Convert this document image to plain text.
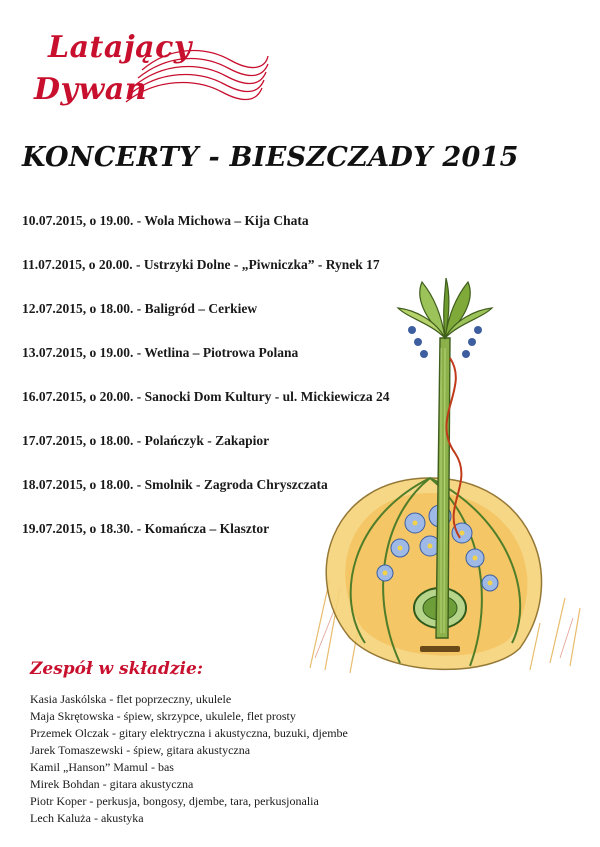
Latający
Dywan
KONCERTY - BIESZCZADY 2015
10.07.2015, o 19.00. - Wola Michowa – Kija Chata
11.07.2015, o 20.00. - Ustrzyki Dolne - „Piwniczka” - Rynek 17
12.07.2015, o 18.00. - Baligród – Cerkiew
13.07.2015, o 19.00. - Wetlina – Piotrowa Polana
16.07.2015, o 20.00. - Sanocki Dom Kultury - ul. Mickiewicza 24
17.07.2015, o 18.00. - Polańczyk - Zakapior
18.07.2015, o 18.00. - Smolnik - Zagroda Chryszczata
19.07.2015, o 18.30. - Komańcza – Klasztor
Zespół w składzie:
Kasia Jaskólska - flet poprzeczny, ukulele
Maja Skrętowska - śpiew, skrzypce, ukulele, flet prosty
Przemek Olczak - gitary elektryczna i akustyczna, buzuki, djembe
Jarek Tomaszewski - śpiew, gitara akustyczna
Kamil „Hanson” Mamul - bas
Mirek Bohdan - gitara akustyczna
Piotr Koper - perkusja, bongosy, djembe, tara, perkusjonalia
Lech Kaluża - akustyka
